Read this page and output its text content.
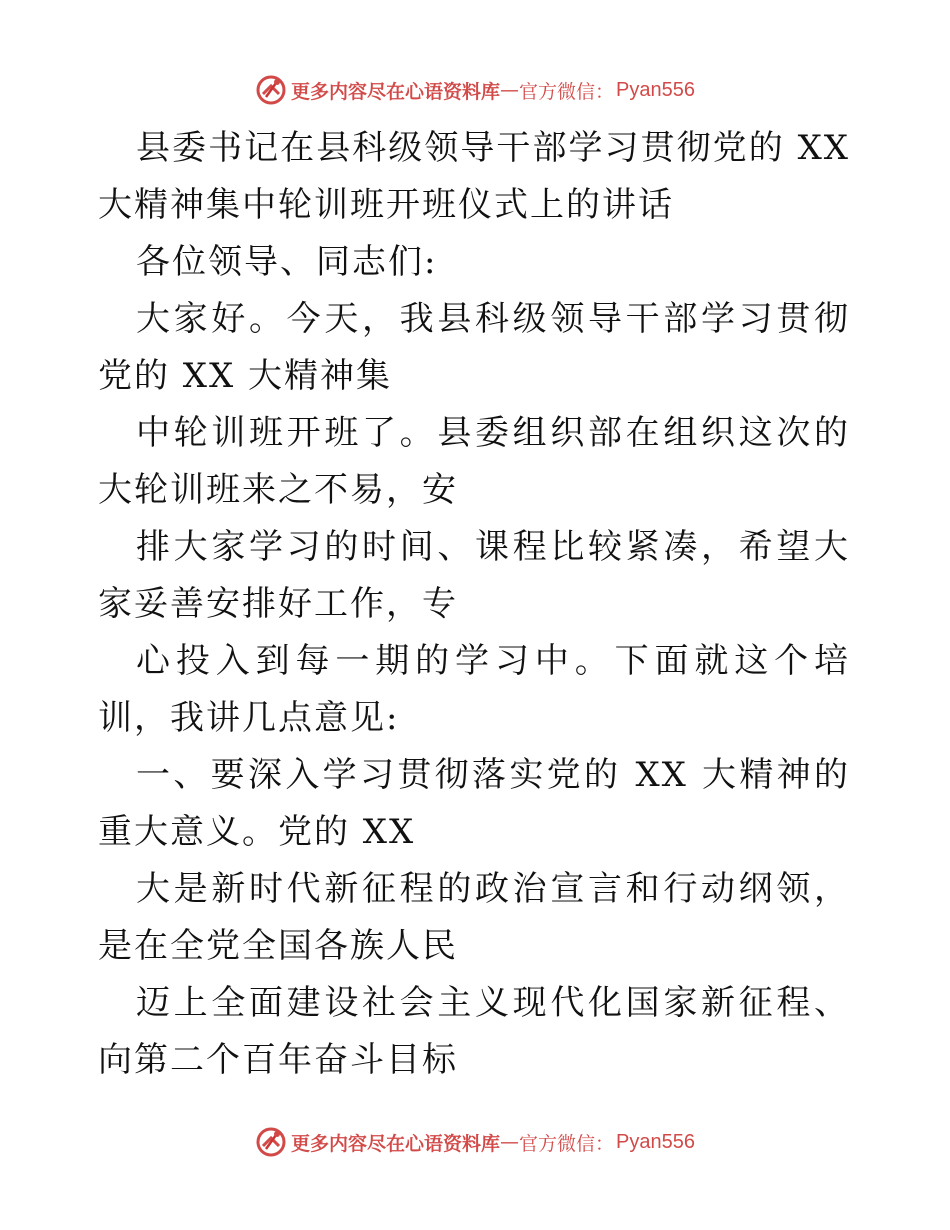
更多内容尽在心语资料库 — 官方微信： Pyan556

县委书记在县科级领导干部学习贯彻党的 XX 大精神集中轮训班开班仪式上的讲话

各位领导、同志们:

大家好。今天，我县科级领导干部学习贯彻党的 XX 大精神集

中轮训班开班了。县委组织部在组织这次的大轮训班来之不易，安

排大家学习的时间、课程比较紧凑，希望大家妥善安排好工作，专

心投入到每一期的学习中。下面就这个培训，我讲几点意见:

一、要深入学习贯彻落实党的 XX 大精神的重大意义。党的 XX

大是新时代新征程的政治宣言和行动纲领，是在全党全国各族人民

迈上全面建设社会主义现代化国家新征程、向第二个百年奋斗目标

更多内容尽在心语资料库 — 官方微信： Pyan556
